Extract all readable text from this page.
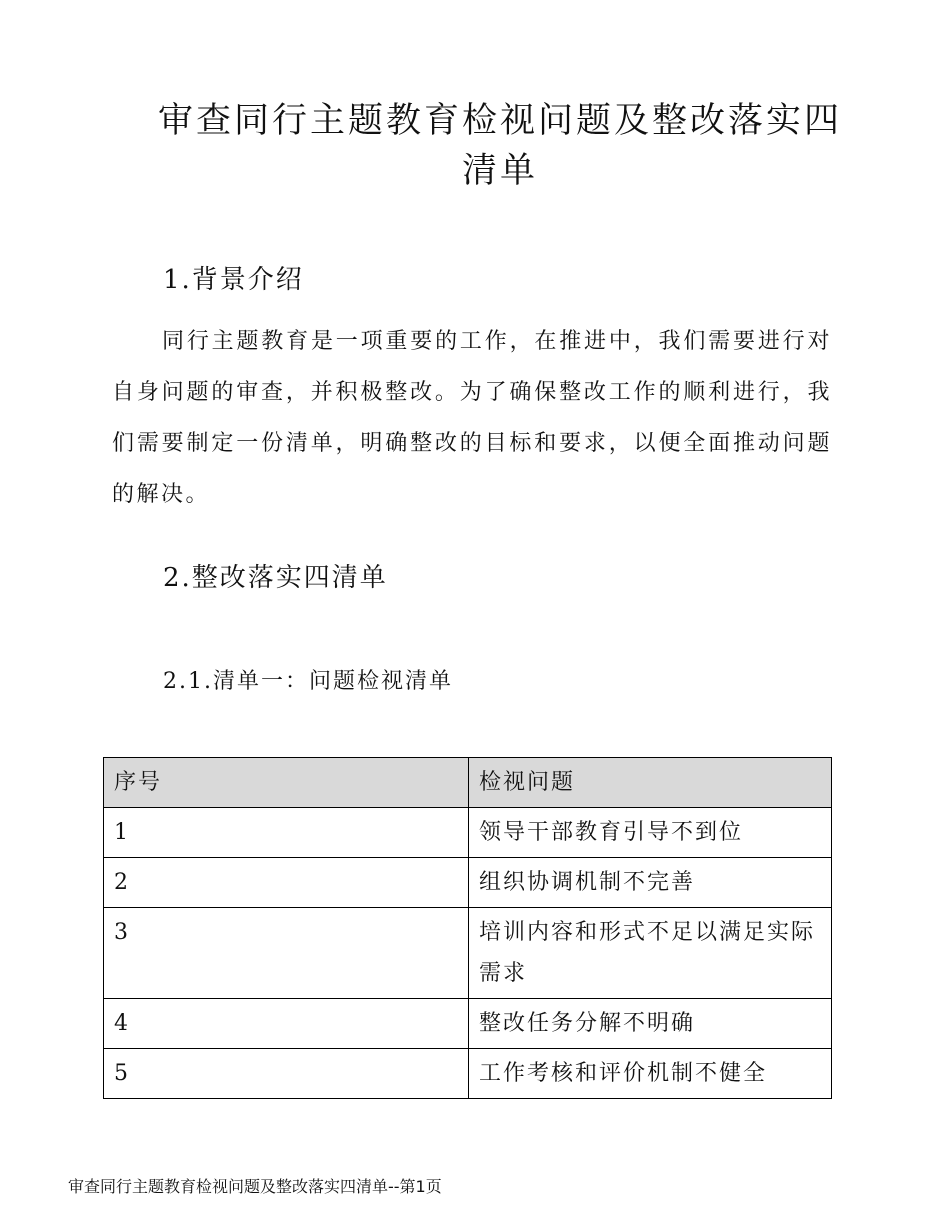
审查同行主题教育检视问题及整改落实四
清单
1.背景介绍

同行主题教育是一项重要的工作，在推进中，我们需要进行对自身问题的审查，并积极整改。为了确保整改工作的顺利进行，我们需要制定一份清单，明确整改的目标和要求，以便全面推动问题的解决。

2.整改落实四清单
2.1.清单一：问题检视清单
序号	检视问题
1	领导干部教育引导不到位
2	组织协调机制不完善
3	培训内容和形式不足以满足实际需求
4	整改任务分解不明确
5	工作考核和评价机制不健全
审查同行主题教育检视问题及整改落实四清单--第1页
